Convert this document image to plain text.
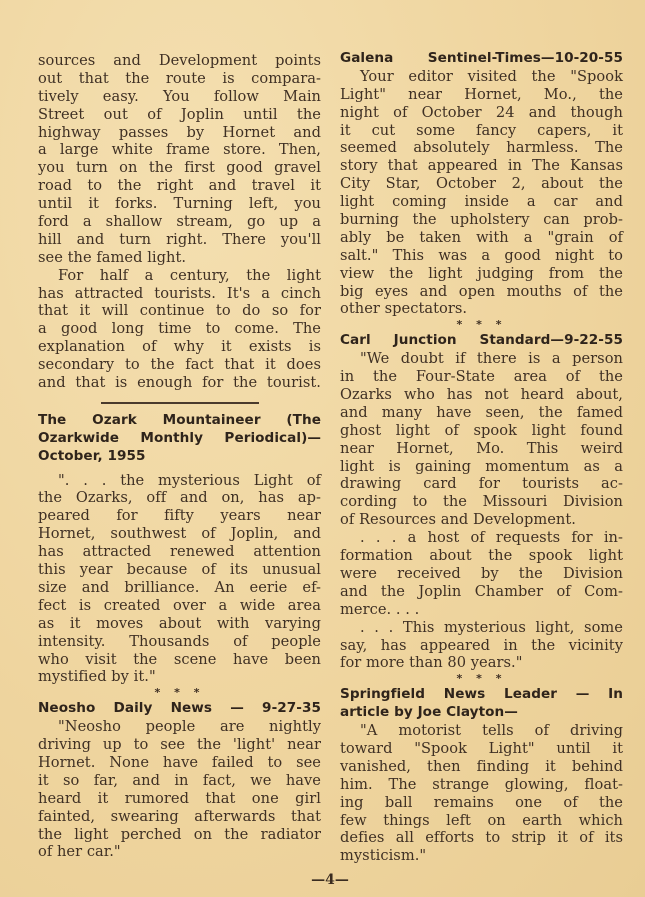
sources and Development points
out that the route is compara-
tively easy. You follow Main
Street out of Joplin until the
highway passes by Hornet and
a large white frame store. Then,
you turn on the first good gravel
road to the right and travel it
until it forks. Turning left, you
ford a shallow stream, go up a
hill and turn right. There you'll
see the famed light.
For half a century, the light
has attracted tourists. It's a cinch
that it will continue to do so for
a good long time to come. The
explanation of why it exists is
secondary to the fact that it does
and that is enough for the tourist.
The Ozark Mountaineer (The
Ozarkwide Monthly Periodical)—
October, 1955
". . . the mysterious Light of
the Ozarks, off and on, has ap-
peared for fifty years near
Hornet, southwest of Joplin, and
has attracted renewed attention
this year because of its unusual
size and brilliance. An eerie ef-
fect is created over a wide area
as it moves about with varying
intensity. Thousands of people
who visit the scene have been
mystified by it."
* * *
Neosho Daily News — 9-27-35
"Neosho people are nightly
driving up to see the 'light' near
Hornet. None have failed to see
it so far, and in fact, we have
heard it rumored that one girl
fainted, swearing afterwards that
the light perched on the radiator
of her car."
Galena Sentinel-Times—10-20-55
Your editor visited the "Spook
Light" near Hornet, Mo., the
night of October 24 and though
it cut some fancy capers, it
seemed absolutely harmless. The
story that appeared in The Kansas
City Star, October 2, about the
light coming inside a car and
burning the upholstery can prob-
ably be taken with a "grain of
salt." This was a good night to
view the light judging from the
big eyes and open mouths of the
other spectators.
* * *
Carl Junction Standard—9-22-55
"We doubt if there is a person
in the Four-State area of the
Ozarks who has not heard about,
and many have seen, the famed
ghost light of spook light found
near Hornet, Mo. This weird
light is gaining momentum as a
drawing card for tourists ac-
cording to the Missouri Division
of Resources and Development.
. . . a host of requests for in-
formation about the spook light
were received by the Division
and the Joplin Chamber of Com-
merce. . . .
. . . This mysterious light, some
say, has appeared in the vicinity
for more than 80 years."
* * *
Springfield News Leader — In
article by Joe Clayton—
"A motorist tells of driving
toward "Spook Light" until it
vanished, then finding it behind
him. The strange glowing, float-
ing ball remains one of the
few things left on earth which
defies all efforts to strip it of its
mysticism."
—4—
